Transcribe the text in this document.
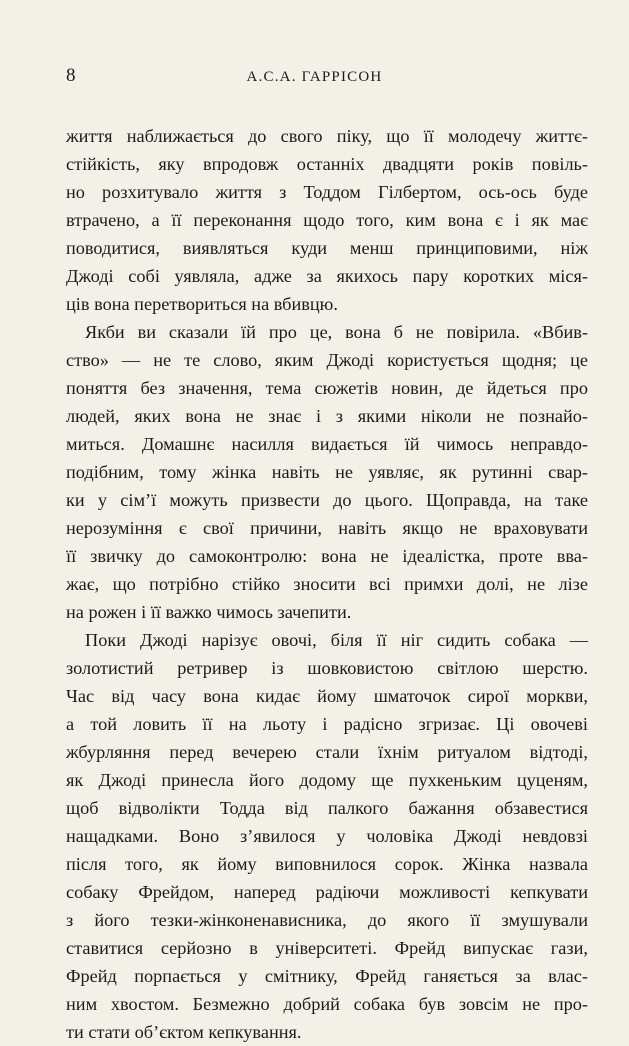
8	А.С.А. ГАРРІСОН

життя наближається до свого піку, що її молодечу життє-
стійкість, яку впродовж останніх двадцяти років повіль-
но розхитувало життя з Тоддом Гілбертом, ось-ось буде
втрачено, а її переконання щодо того, ким вона є і як має
поводитися, виявляться куди менш принциповими, ніж
Джоді собі уявляла, адже за якихось пару коротких міся-
ців вона перетвориться на вбивцю.

Якби ви сказали їй про це, вона б не повірила. «Вбив-
ство» — не те слово, яким Джоді користується щодня; це
поняття без значення, тема сюжетів новин, де йдеться про
людей, яких вона не знає і з якими ніколи не познайо-
миться. Домашнє насилля видається їй чимось неправдо-
подібним, тому жінка навіть не уявляє, як рутинні свар-
ки у сім’ї можуть призвести до цього. Щоправда, на таке
нерозуміння є свої причини, навіть якщо не враховувати
її звичку до самоконтролю: вона не ідеалістка, проте вва-
жає, що потрібно стійко зносити всі примхи долі, не лізе
на рожен і її важко чимось зачепити.

Поки Джоді нарізує овочі, біля її ніг сидить собака —
золотистий ретривер із шовковистою світлою шерстю.
Час від часу вона кидає йому шматочок сирої моркви,
а той ловить її на льоту і радісно згризає. Ці овочеві
жбурляння перед вечерею стали їхнім ритуалом відтоді,
як Джоді принесла його додому ще пухкеньким цуценям,
щоб відволікти Тодда від палкого бажання обзавестися
нащадками. Воно з’явилося у чоловіка Джоді невдовзі
після того, як йому виповнилося сорок. Жінка назвала
собаку Фрейдом, наперед радіючи можливості кепкувати
з його тезки-жінконенависника, до якого її змушували
ставитися серйозно в університеті. Фрейд випускає гази,
Фрейд порпається у смітнику, Фрейд ганяється за влас-
ним хвостом. Безмежно добрий собака був зовсім не про-
ти стати об’єктом кепкування.
